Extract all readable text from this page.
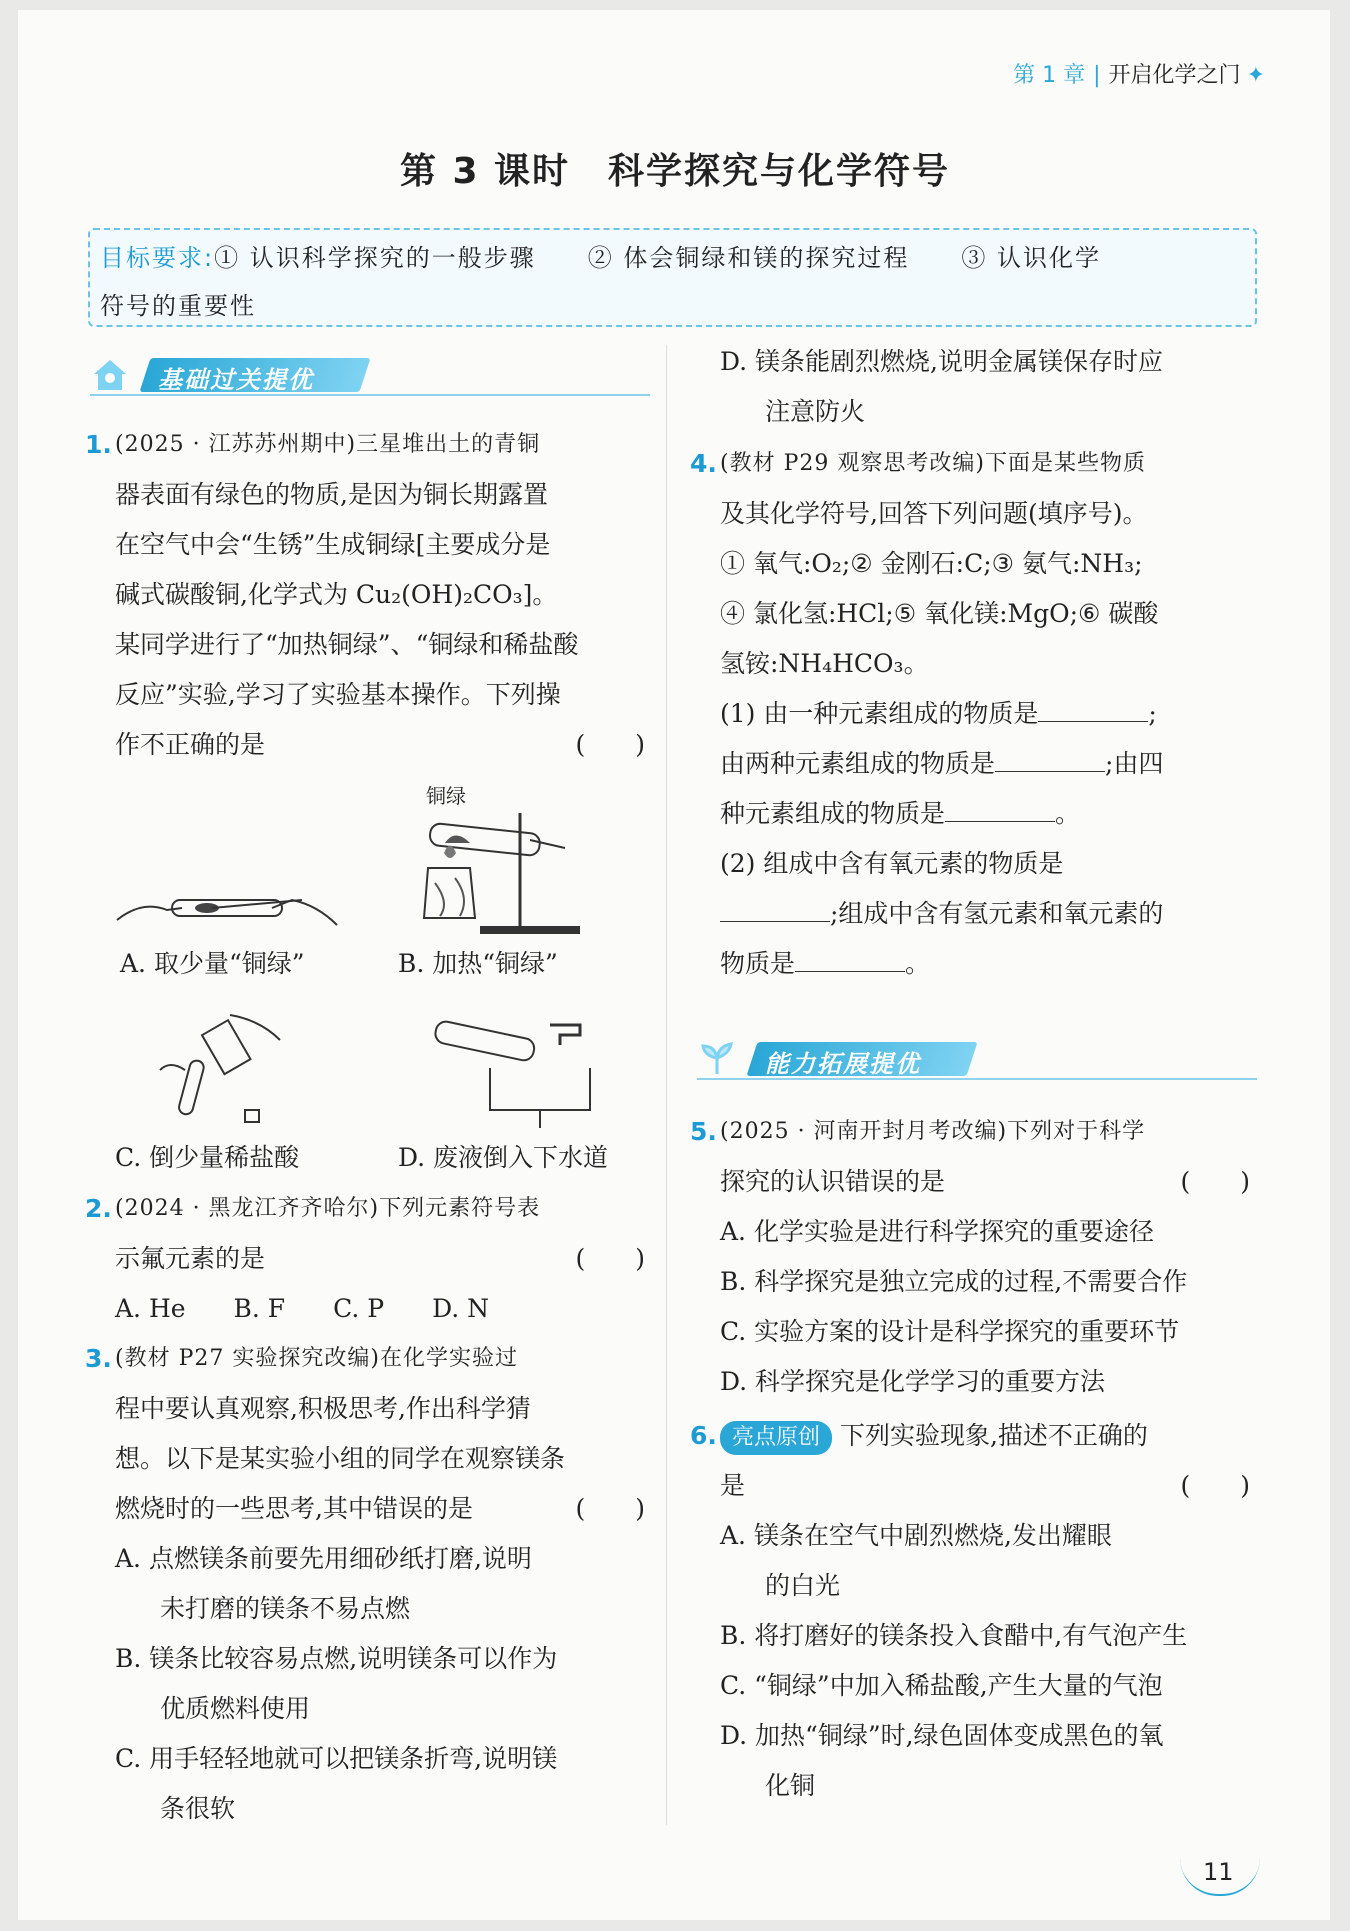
第 1 章 | 开启化学之门 ✦
第 3 课时　科学探究与化学符号
目标要求:① 认识科学探究的一般步骤　　② 体会铜绿和镁的探究过程　　③ 认识化学
符号的重要性
基础过关提优
1. (2025 · 江苏苏州期中)三星堆出土的青铜
器表面有绿色的物质,是因为铜长期露置
在空气中会“生锈”生成铜绿[主要成分是
碱式碳酸铜,化学式为 Cu₂(OH)₂CO₃]。
某同学进行了“加热铜绿”、“铜绿和稀盐酸
反应”实验,学习了实验基本操作。下列操
作不正确的是	(　　)
铜绿
A. 取少量“铜绿”	B. 加热“铜绿”
C. 倒少量稀盐酸	D. 废液倒入下水道
2. (2024 · 黑龙江齐齐哈尔)下列元素符号表
示氟元素的是	(　　)
A. He B. F C. P D. N
3. (教材 P27 实验探究改编)在化学实验过
程中要认真观察,积极思考,作出科学猜
想。以下是某实验小组的同学在观察镁条
燃烧时的一些思考,其中错误的是	(　　)
A. 点燃镁条前要先用细砂纸打磨,说明
未打磨的镁条不易点燃
B. 镁条比较容易点燃,说明镁条可以作为
优质燃料使用
C. 用手轻轻地就可以把镁条折弯,说明镁
条很软
D. 镁条能剧烈燃烧,说明金属镁保存时应
注意防火
4. (教材 P29 观察思考改编)下面是某些物质
及其化学符号,回答下列问题(填序号)。
① 氧气:O₂;② 金刚石:C;③ 氨气:NH₃;
④ 氯化氢:HCl;⑤ 氧化镁:MgO;⑥ 碳酸
氢铵:NH₄HCO₃。
(1) 由一种元素组成的物质是	;
由两种元素组成的物质是	;由四
种元素组成的物质是	。
(2) 组成中含有氧元素的物质是
;组成中含有氢元素和氧元素的
物质是	。
能力拓展提优
5. (2025 · 河南开封月考改编)下列对于科学
探究的认识错误的是	(　　)
A. 化学实验是进行科学探究的重要途径
B. 科学探究是独立完成的过程,不需要合作
C. 实验方案的设计是科学探究的重要环节
D. 科学探究是化学学习的重要方法
6. 亮点原创 下列实验现象,描述不正确的
是	(　　)
A. 镁条在空气中剧烈燃烧,发出耀眼
的白光
B. 将打磨好的镁条投入食醋中,有气泡产生
C. “铜绿”中加入稀盐酸,产生大量的气泡
D. 加热“铜绿”时,绿色固体变成黑色的氧
化铜
11
